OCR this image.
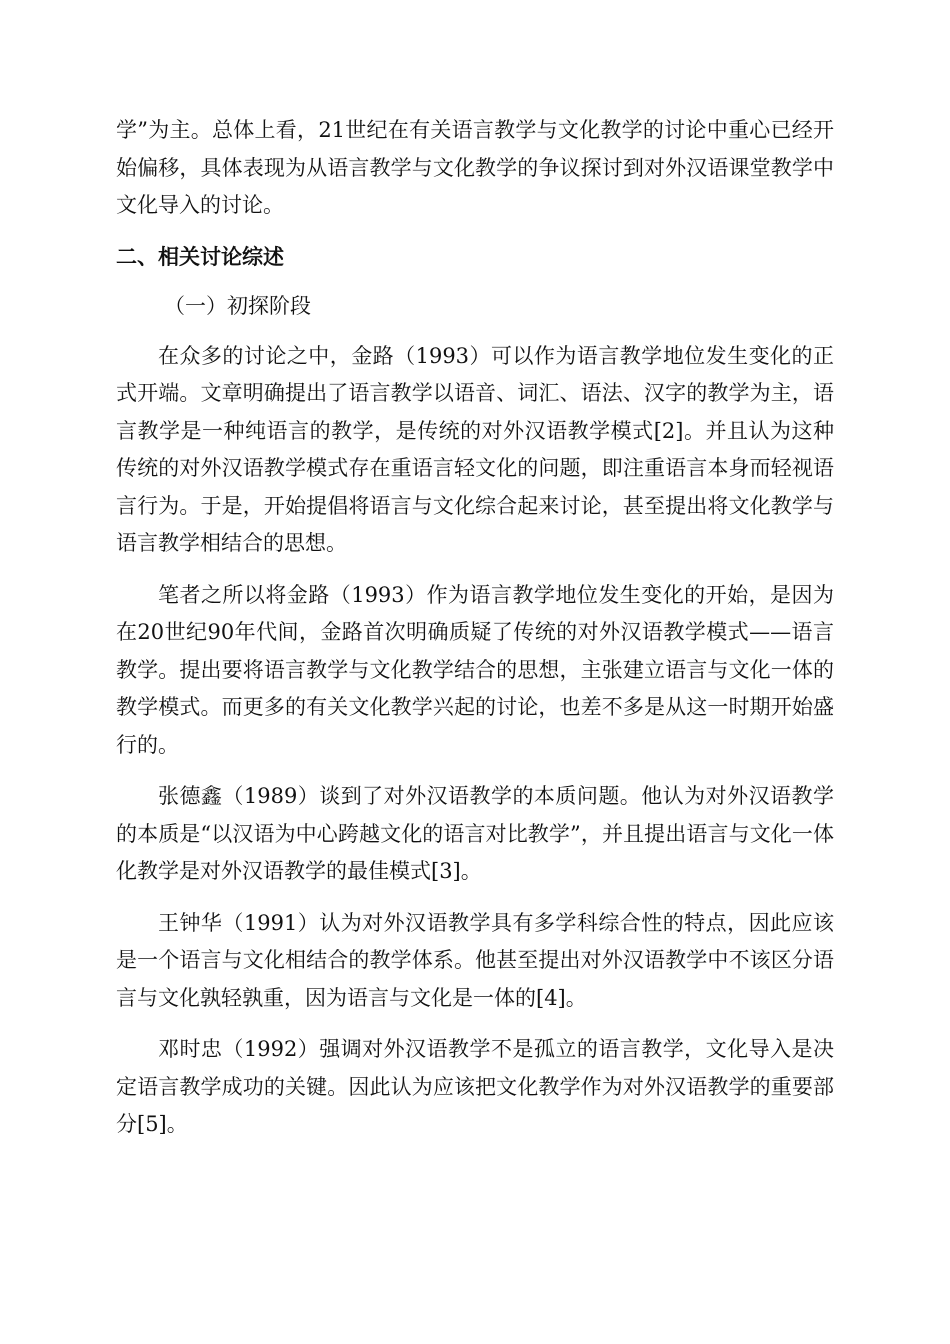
学”为主。总体上看，21世纪在有关语言教学与文化教学的讨论中重心已经开始偏移，具体表现为从语言教学与文化教学的争议探讨到对外汉语课堂教学中文化导入的讨论。

二、相关讨论综述

（一）初探阶段

在众多的讨论之中，金路（1993）可以作为语言教学地位发生变化的正式开端。文章明确提出了语言教学以语音、词汇、语法、汉字的教学为主，语言教学是一种纯语言的教学，是传统的对外汉语教学模式[2]。并且认为这种传统的对外汉语教学模式存在重语言轻文化的问题，即注重语言本身而轻视语言行为。于是，开始提倡将语言与文化综合起来讨论，甚至提出将文化教学与语言教学相结合的思想。

笔者之所以将金路（1993）作为语言教学地位发生变化的开始，是因为在20世纪90年代间，金路首次明确质疑了传统的对外汉语教学模式——语言教学。提出要将语言教学与文化教学结合的思想，主张建立语言与文化一体的教学模式。而更多的有关文化教学兴起的讨论，也差不多是从这一时期开始盛行的。

张德鑫（1989）谈到了对外汉语教学的本质问题。他认为对外汉语教学的本质是“以汉语为中心跨越文化的语言对比教学”，并且提出语言与文化一体化教学是对外汉语教学的最佳模式[3]。

王钟华（1991）认为对外汉语教学具有多学科综合性的特点，因此应该是一个语言与文化相结合的教学体系。他甚至提出对外汉语教学中不该区分语言与文化孰轻孰重，因为语言与文化是一体的[4]。

邓时忠（1992）强调对外汉语教学不是孤立的语言教学，文化导入是决定语言教学成功的关键。因此认为应该把文化教学作为对外汉语教学的重要部分[5]。
